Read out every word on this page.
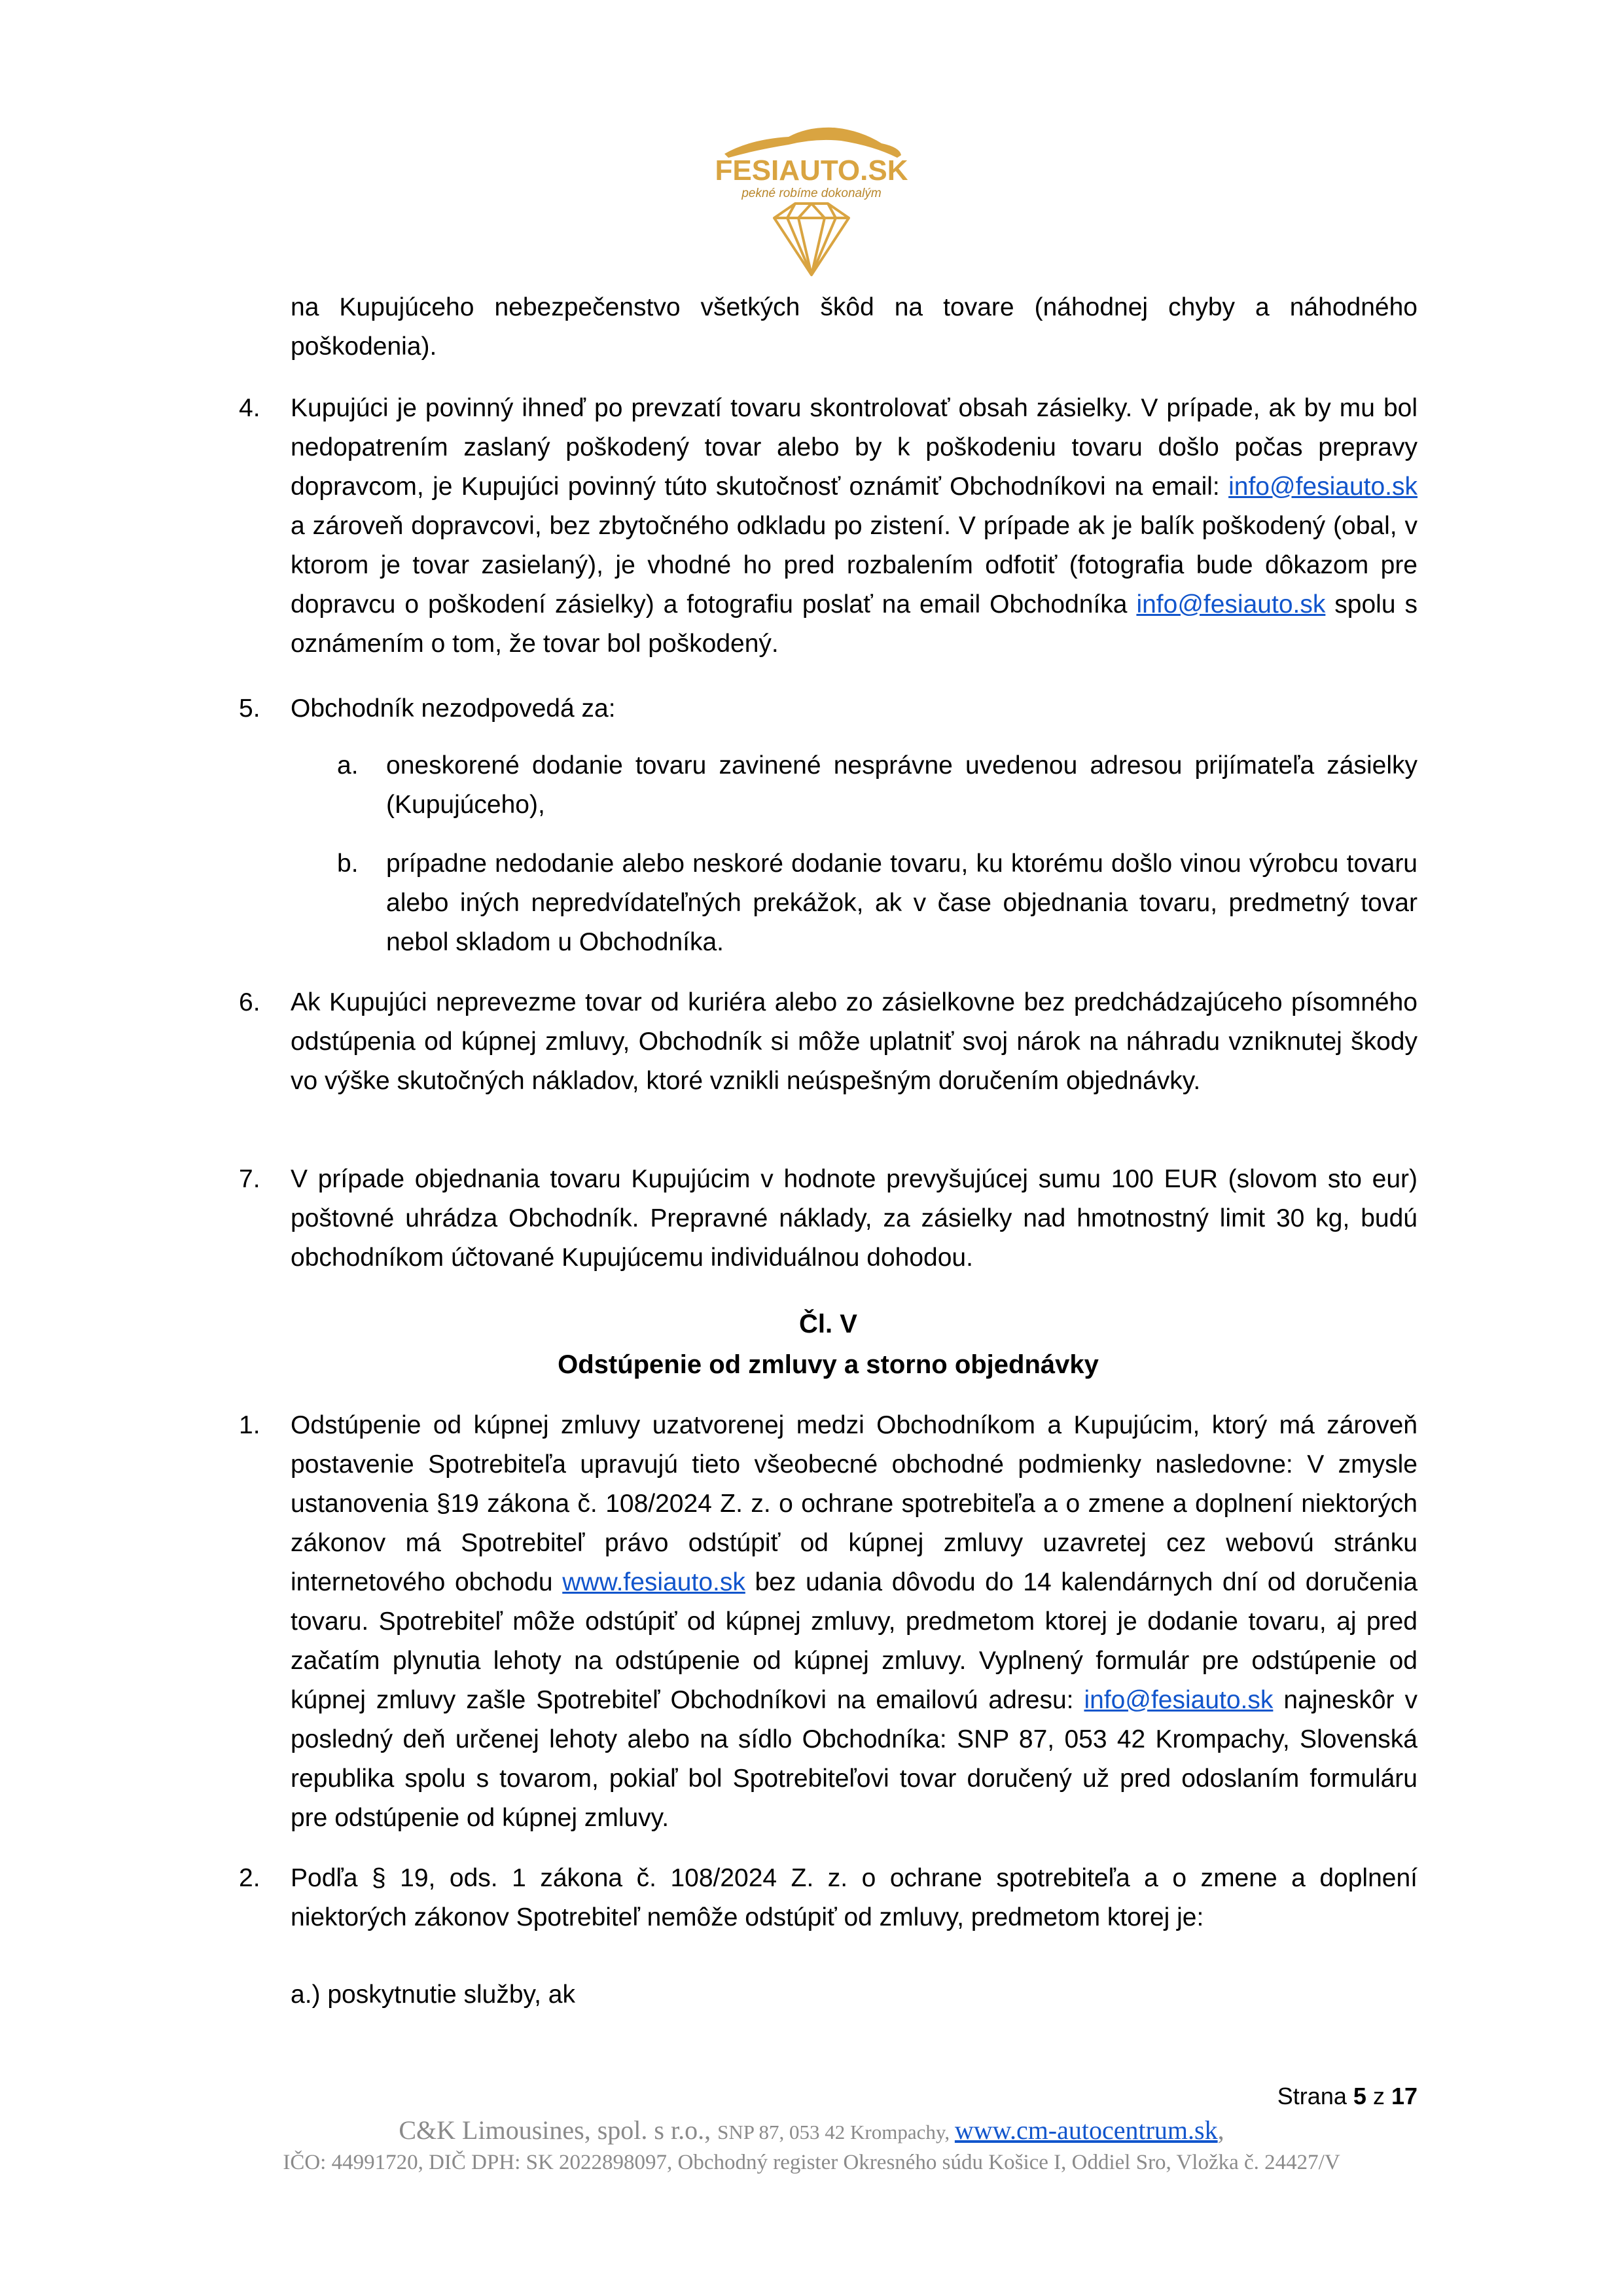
FESIAUTO.SK
pekné robíme dokonalým

na Kupujúceho nebezpečenstvo všetkých škôd na tovare (náhodnej chyby a náhodného poškodenia).

4. Kupujúci je povinný ihneď po prevzatí tovaru skontrolovať obsah zásielky. V prípade, ak by mu bol nedopatrením zaslaný poškodený tovar alebo by k poškodeniu tovaru došlo počas prepravy dopravcom, je Kupujúci povinný túto skutočnosť oznámiť Obchodníkovi na email: info@fesiauto.sk a zároveň dopravcovi, bez zbytočného odkladu po zistení. V prípade ak je balík poškodený (obal, v ktorom je tovar zasielaný), je vhodné ho pred rozbalením odfotiť (fotografia bude dôkazom pre dopravcu o poškodení zásielky) a fotografiu poslať na email Obchodníka info@fesiauto.sk spolu s oznámením o tom, že tovar bol poškodený.

5. Obchodník nezodpovedá za:

a. oneskorené dodanie tovaru zavinené nesprávne uvedenou adresou prijímateľa zásielky (Kupujúceho),

b. prípadne nedodanie alebo neskoré dodanie tovaru, ku ktorému došlo vinou výrobcu tovaru alebo iných nepredvídateľných prekážok, ak v čase objednania tovaru, predmetný tovar nebol skladom u Obchodníka.

6. Ak Kupujúci neprevezme tovar od kuriéra alebo zo zásielkovne bez predchádzajúceho písomného odstúpenia od kúpnej zmluvy, Obchodník si môže uplatniť svoj nárok na náhradu vzniknutej škody vo výške skutočných nákladov, ktoré vznikli neúspešným doručením objednávky.

7. V prípade objednania tovaru Kupujúcim v hodnote prevyšujúcej sumu 100 EUR (slovom sto eur) poštovné uhrádza Obchodník. Prepravné náklady, za zásielky nad hmotnostný limit 30 kg, budú obchodníkom účtované Kupujúcemu individuálnou dohodou.

Čl. V
Odstúpenie od zmluvy a storno objednávky
1. Odstúpenie od kúpnej zmluvy uzatvorenej medzi Obchodníkom a Kupujúcim, ktorý má zároveň postavenie Spotrebiteľa upravujú tieto všeobecné obchodné podmienky nasledovne: V zmysle ustanovenia §19 zákona č. 108/2024 Z. z. o ochrane spotrebiteľa a o zmene a doplnení niektorých zákonov má Spotrebiteľ právo odstúpiť od kúpnej zmluvy uzavretej cez webovú stránku internetového obchodu www.fesiauto.sk bez udania dôvodu do 14 kalendárnych dní od doručenia tovaru. Spotrebiteľ môže odstúpiť od kúpnej zmluvy, predmetom ktorej je dodanie tovaru, aj pred začatím plynutia lehoty na odstúpenie od kúpnej zmluvy. Vyplnený formulár pre odstúpenie od kúpnej zmluvy zašle Spotrebiteľ Obchodníkovi na emailovú adresu: info@fesiauto.sk najneskôr v posledný deň určenej lehoty alebo na sídlo Obchodníka: SNP 87, 053 42 Krompachy, Slovenská republika spolu s tovarom, pokiaľ bol Spotrebiteľovi tovar doručený už pred odoslaním formuláru pre odstúpenie od kúpnej zmluvy.

2. Podľa § 19, ods. 1 zákona č. 108/2024 Z. z. o ochrane spotrebiteľa a o zmene a doplnení niektorých zákonov Spotrebiteľ nemôže odstúpiť od zmluvy, predmetom ktorej je:

a.) poskytnutie služby, ak
Strana 5 z 17
C&K Limousines, spol. s r.o., SNP 87, 053 42 Krompachy, www.cm-autocentrum.sk,
IČO: 44991720, DIČ DPH: SK 2022898097, Obchodný register Okresného súdu Košice I, Oddiel Sro, Vložka č. 24427/V
